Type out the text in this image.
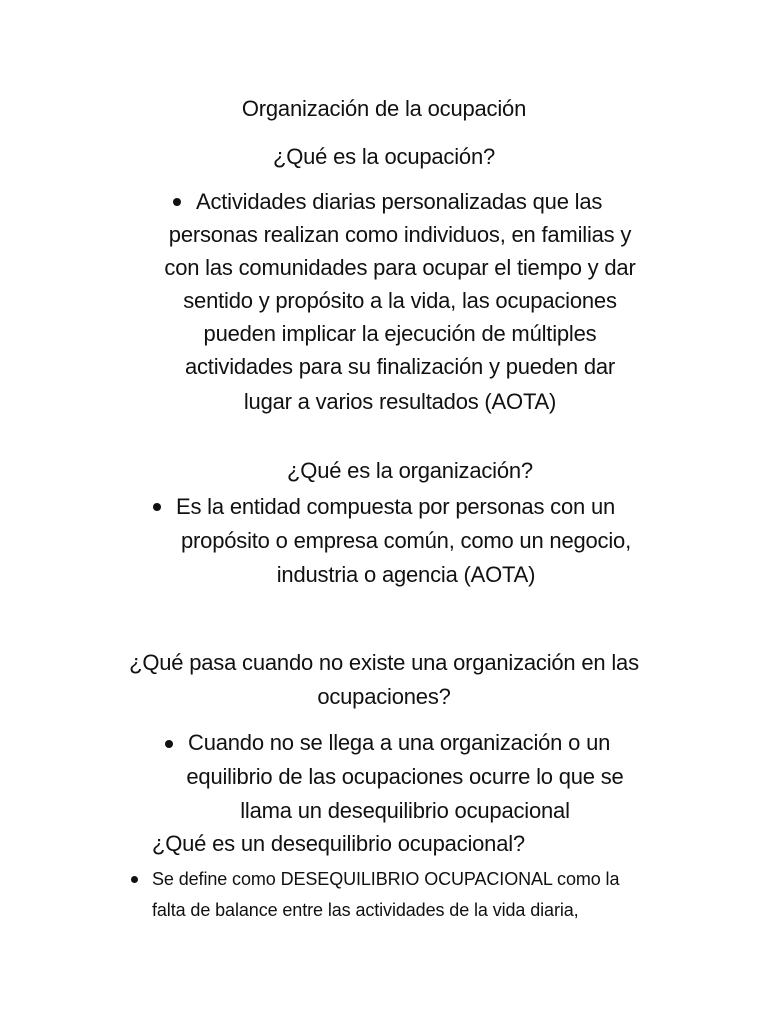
Organización de la ocupación
¿Qué es la ocupación?
Actividades diarias personalizadas que las
personas realizan como individuos, en familias y
con las comunidades para ocupar el tiempo y dar
sentido y propósito a la vida, las ocupaciones
pueden implicar la ejecución de múltiples
actividades para su finalización y pueden dar
lugar a varios resultados (AOTA)
¿Qué es la organización?
Es la entidad compuesta por personas con un
propósito o empresa común, como un negocio,
industria o agencia (AOTA)
¿Qué pasa cuando no existe una organización en las
ocupaciones?
Cuando no se llega a una organización o un
equilibrio de las ocupaciones ocurre lo que se
llama un desequilibrio ocupacional
¿Qué es un desequilibrio ocupacional?
Se define como DESEQUILIBRIO OCUPACIONAL como la
falta de balance entre las actividades de la vida diaria,
